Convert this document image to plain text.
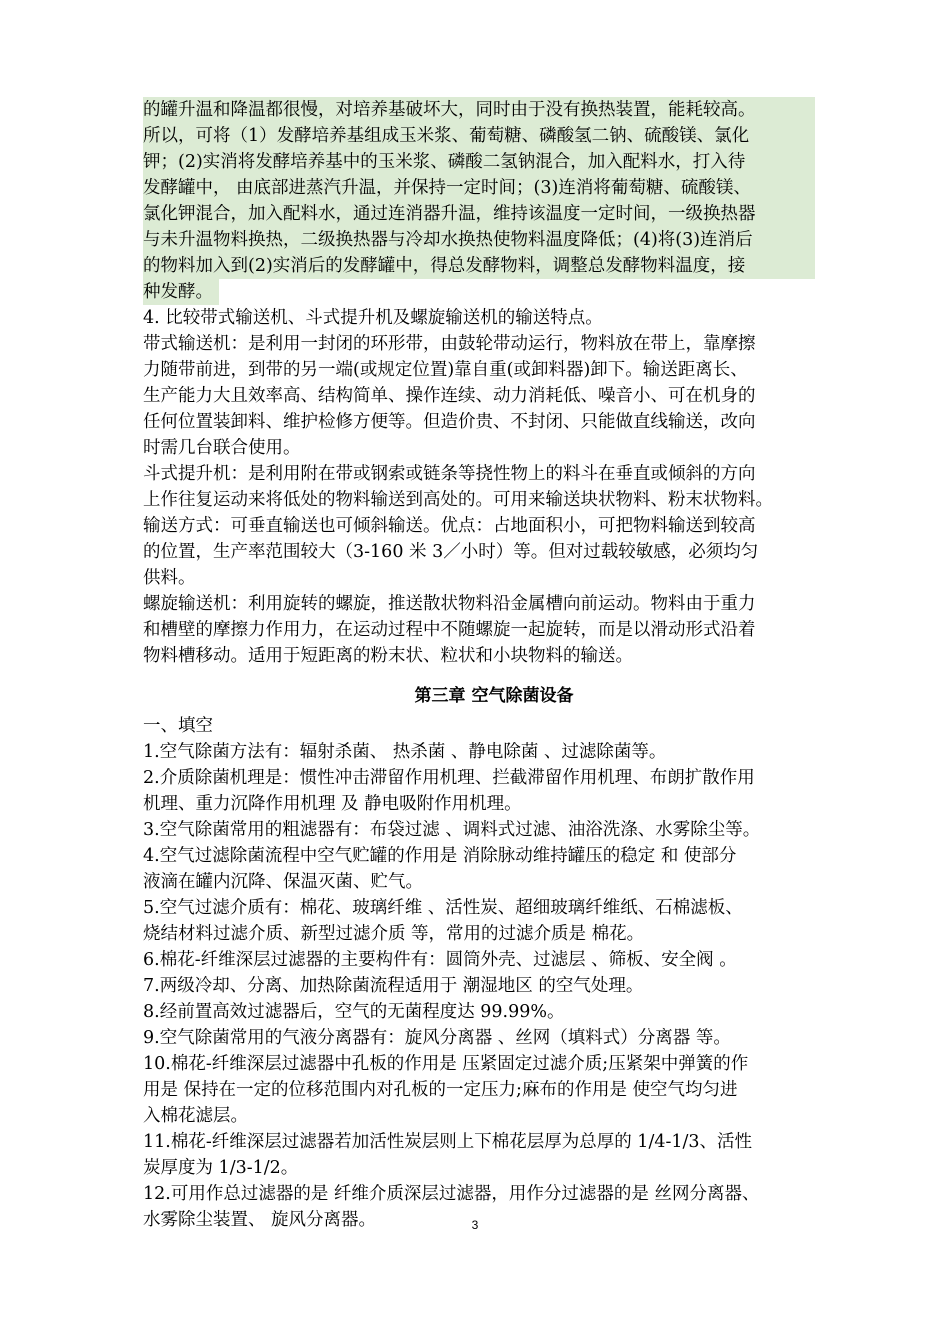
的罐升温和降温都很慢，对培养基破坏大，同时由于没有换热装置，能耗较高。
所以，可将（1）发酵培养基组成玉米浆、葡萄糖、磷酸氢二钠、硫酸镁、氯化
钾；(2)实消将发酵培养基中的玉米浆、磷酸二氢钠混合，加入配料水，打入待
发酵罐中， 由底部进蒸汽升温，并保持一定时间；(3)连消将葡萄糖、硫酸镁、
氯化钾混合，加入配料水，通过连消器升温，维持该温度一定时间，一级换热器
与未升温物料换热，二级换热器与冷却水换热使物料温度降低；(4)将(3)连消后
的物料加入到(2)实消后的发酵罐中，得总发酵物料，调整总发酵物料温度，接
种发酵。
4. 比较带式输送机、斗式提升机及螺旋输送机的输送特点。
带式输送机：是利用一封闭的环形带，由鼓轮带动运行，物料放在带上，靠摩擦
力随带前进，到带的另一端(或规定位置)靠自重(或卸料器)卸下。输送距离长、
生产能力大且效率高、结构简单、操作连续、动力消耗低、噪音小、可在机身的
任何位置装卸料、维护检修方便等。但造价贵、不封闭、只能做直线输送，改向
时需几台联合使用。
斗式提升机：是利用附在带或钢索或链条等挠性物上的料斗在垂直或倾斜的方向
上作往复运动来将低处的物料输送到高处的。可用来输送块状物料、粉末状物料。
输送方式：可垂直输送也可倾斜输送。优点：占地面积小，可把物料输送到较高
的位置，生产率范围较大（3-160 米 3／小时）等。但对过载较敏感，必须均匀
供料。
螺旋输送机：利用旋转的螺旋，推送散状物料沿金属槽向前运动。物料由于重力
和槽壁的摩擦力作用力，在运动过程中不随螺旋一起旋转，而是以滑动形式沿着
物料槽移动。适用于短距离的粉末状、粒状和小块物料的输送。
第三章 空气除菌设备
一、填空
1.空气除菌方法有：辐射杀菌、 热杀菌 、静电除菌 、过滤除菌等。
2.介质除菌机理是：惯性冲击滞留作用机理、拦截滞留作用机理、布朗扩散作用
机理、重力沉降作用机理 及 静电吸附作用机理。
3.空气除菌常用的粗滤器有：布袋过滤 、调料式过滤、油浴洗涤、水雾除尘等。
4.空气过滤除菌流程中空气贮罐的作用是 消除脉动维持罐压的稳定 和 使部分
液滴在罐内沉降、保温灭菌、贮气。
5.空气过滤介质有：棉花、玻璃纤维 、活性炭、超细玻璃纤维纸、石棉滤板、
烧结材料过滤介质、新型过滤介质 等，常用的过滤介质是 棉花。
6.棉花-纤维深层过滤器的主要构件有：圆筒外壳、过滤层 、筛板、安全阀 。
7.两级冷却、分离、加热除菌流程适用于 潮湿地区 的空气处理。
8.经前置高效过滤器后，空气的无菌程度达 99.99%。
9.空气除菌常用的气液分离器有：旋风分离器 、丝网（填料式）分离器 等。
10.棉花-纤维深层过滤器中孔板的作用是 压紧固定过滤介质;压紧架中弹簧的作
用是 保持在一定的位移范围内对孔板的一定压力;麻布的作用是 使空气均匀进
入棉花滤层。
11.棉花-纤维深层过滤器若加活性炭层则上下棉花层厚为总厚的 1/4-1/3、活性
炭厚度为 1/3-1/2。
12.可用作总过滤器的是 纤维介质深层过滤器，用作分过滤器的是 丝网分离器、
水雾除尘装置、 旋风分离器。	3
